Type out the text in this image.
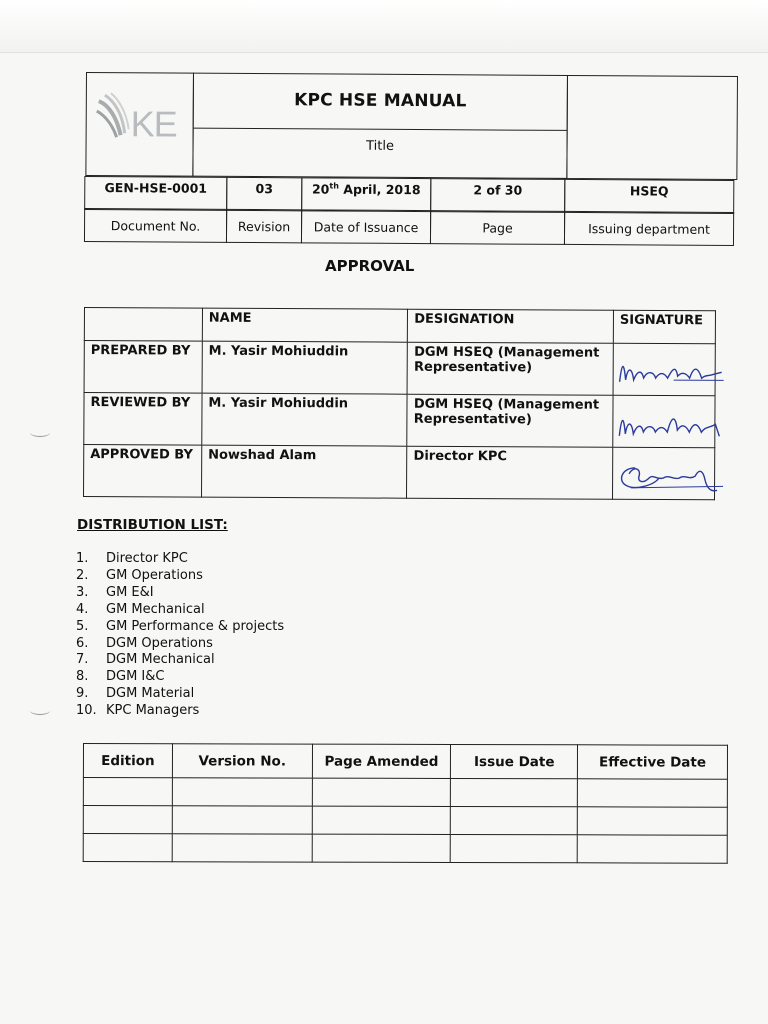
KE
KPC HSE MANUAL
Title
GEN-HSE-0001	03	20th April, 2018	2 of 30	HSEQ
Document No.	Revision	Date of Issuance	Page	Issuing department
APPROVAL
	NAME	DESIGNATION	SIGNATURE
PREPARED BY	M. Yasir Mohiuddin	DGM HSEQ (Management Representative)	

REVIEWED BY	M. Yasir Mohiuddin	DGM HSEQ (Management Representative)	

APPROVED BY	Nowshad Alam	Director KPC	
DISTRIBUTION LIST:
1.	Director KPC
2.	GM Operations
3.	GM E&I
4.	GM Mechanical
5.	GM Performance & projects
6.	DGM Operations
7.	DGM Mechanical
8.	DGM I&C
9.	DGM Material
10. KPC Managers
Edition	Version No.	Page Amended	Issue Date	Effective Date
